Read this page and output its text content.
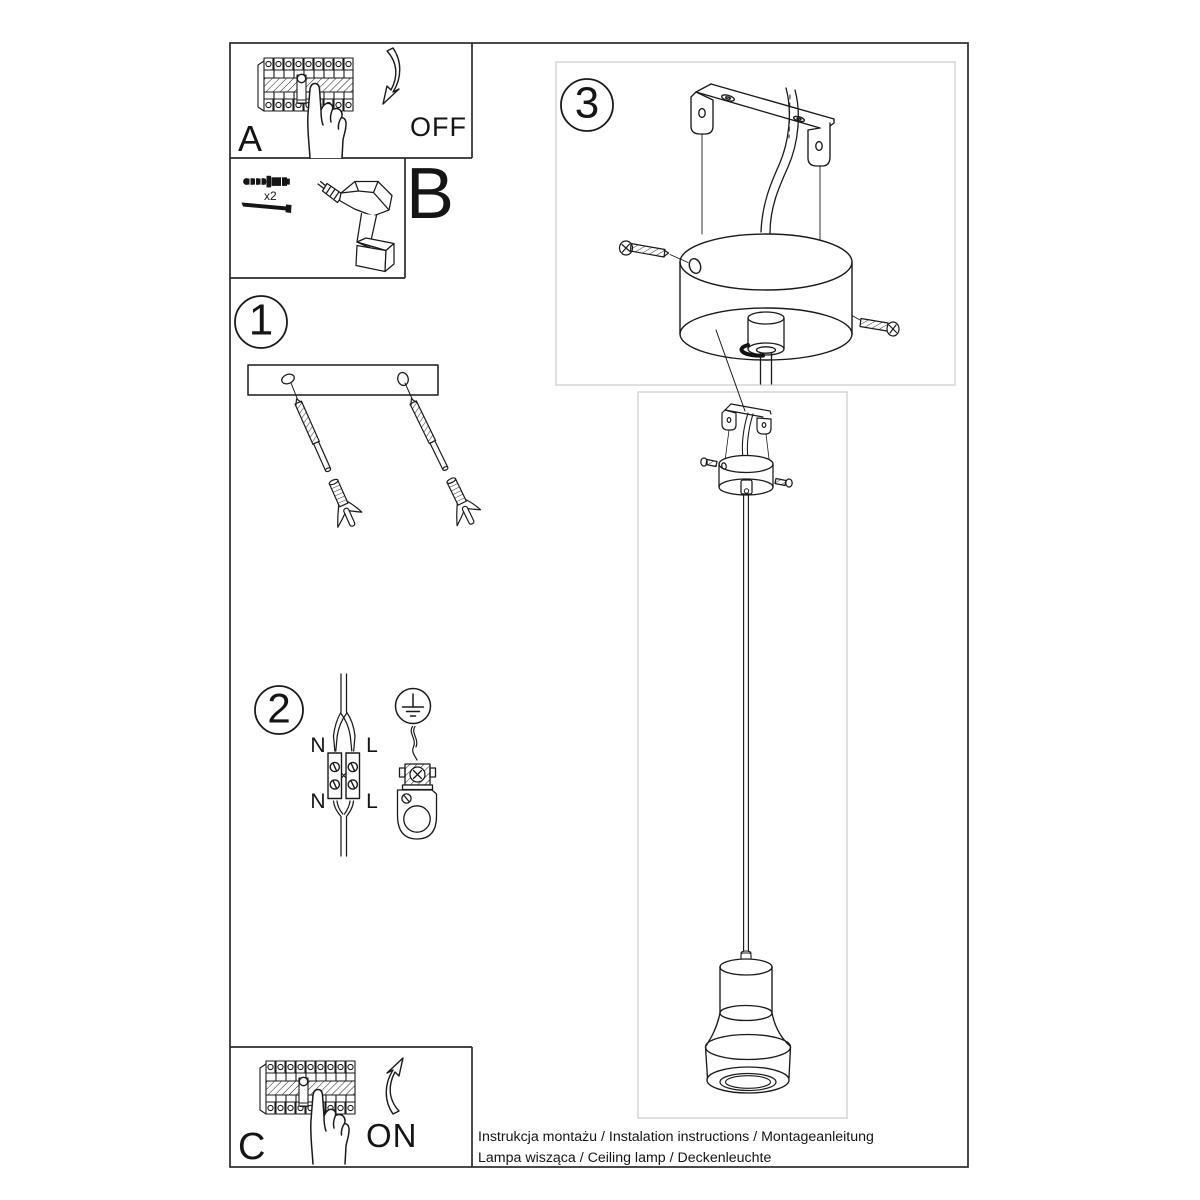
A	OFF
x2 B
1
2
3
N L
N L
C	ON	Instrukcja montażu / Instalation instructions / Montageanleitung
Lampa wisząca / Ceiling lamp / Deckenleuchte
